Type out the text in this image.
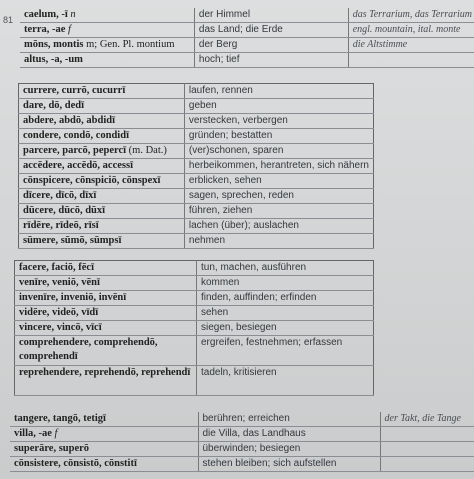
81 caelum, -ī n	der Himmel	das Terrarium, das Terrarium
terra, -ae f	das Land; die Erde	engl. mountain, ital. monte
mōns, montis m; Gen. Pl. montium	der Berg	die Altstimme
altus, -a, -um	hoch; tief	
currere, currō, cucurrī	laufen, rennen
dare, dō, dedī	geben
abdere, abdō, abdidī	verstecken, verbergen
condere, condō, condidī	gründen; bestatten
parcere, parcō, pepercī (m. Dat.)	(ver)schonen, sparen
accēdere, accēdō, accessī	herbeikommen, herantreten, sich nähern
cōnspicere, cōnspiciō, cōnspexī	erblicken, sehen
dīcere, dīcō, dīxī	sagen, sprechen, reden
dūcere, dūcō, dūxī	führen, ziehen
rīdēre, rīdeō, rīsī	lachen (über); auslachen
sūmere, sūmō, sūmpsī	nehmen
facere, faciō, fēcī	tun, machen, ausführen
venīre, veniō, vēnī	kommen
invenīre, inveniō, invēnī	finden, auffinden; erfinden
vidēre, videō, vīdī	sehen
vincere, vincō, vīcī	siegen, besiegen
comprehendere, comprehendō, comprehendī	ergreifen, festnehmen; erfassen
reprehendere, reprehendō, reprehendī	tadeln, kritisieren
tangere, tangō, tetigī	berühren; erreichen	der Takt, die Tange
villa, -ae f	die Villa, das Landhaus	
superāre, superō	überwinden; besiegen	
cōnsistere, cōnsistō, cōnstitī	stehen bleiben; sich aufstellen	
